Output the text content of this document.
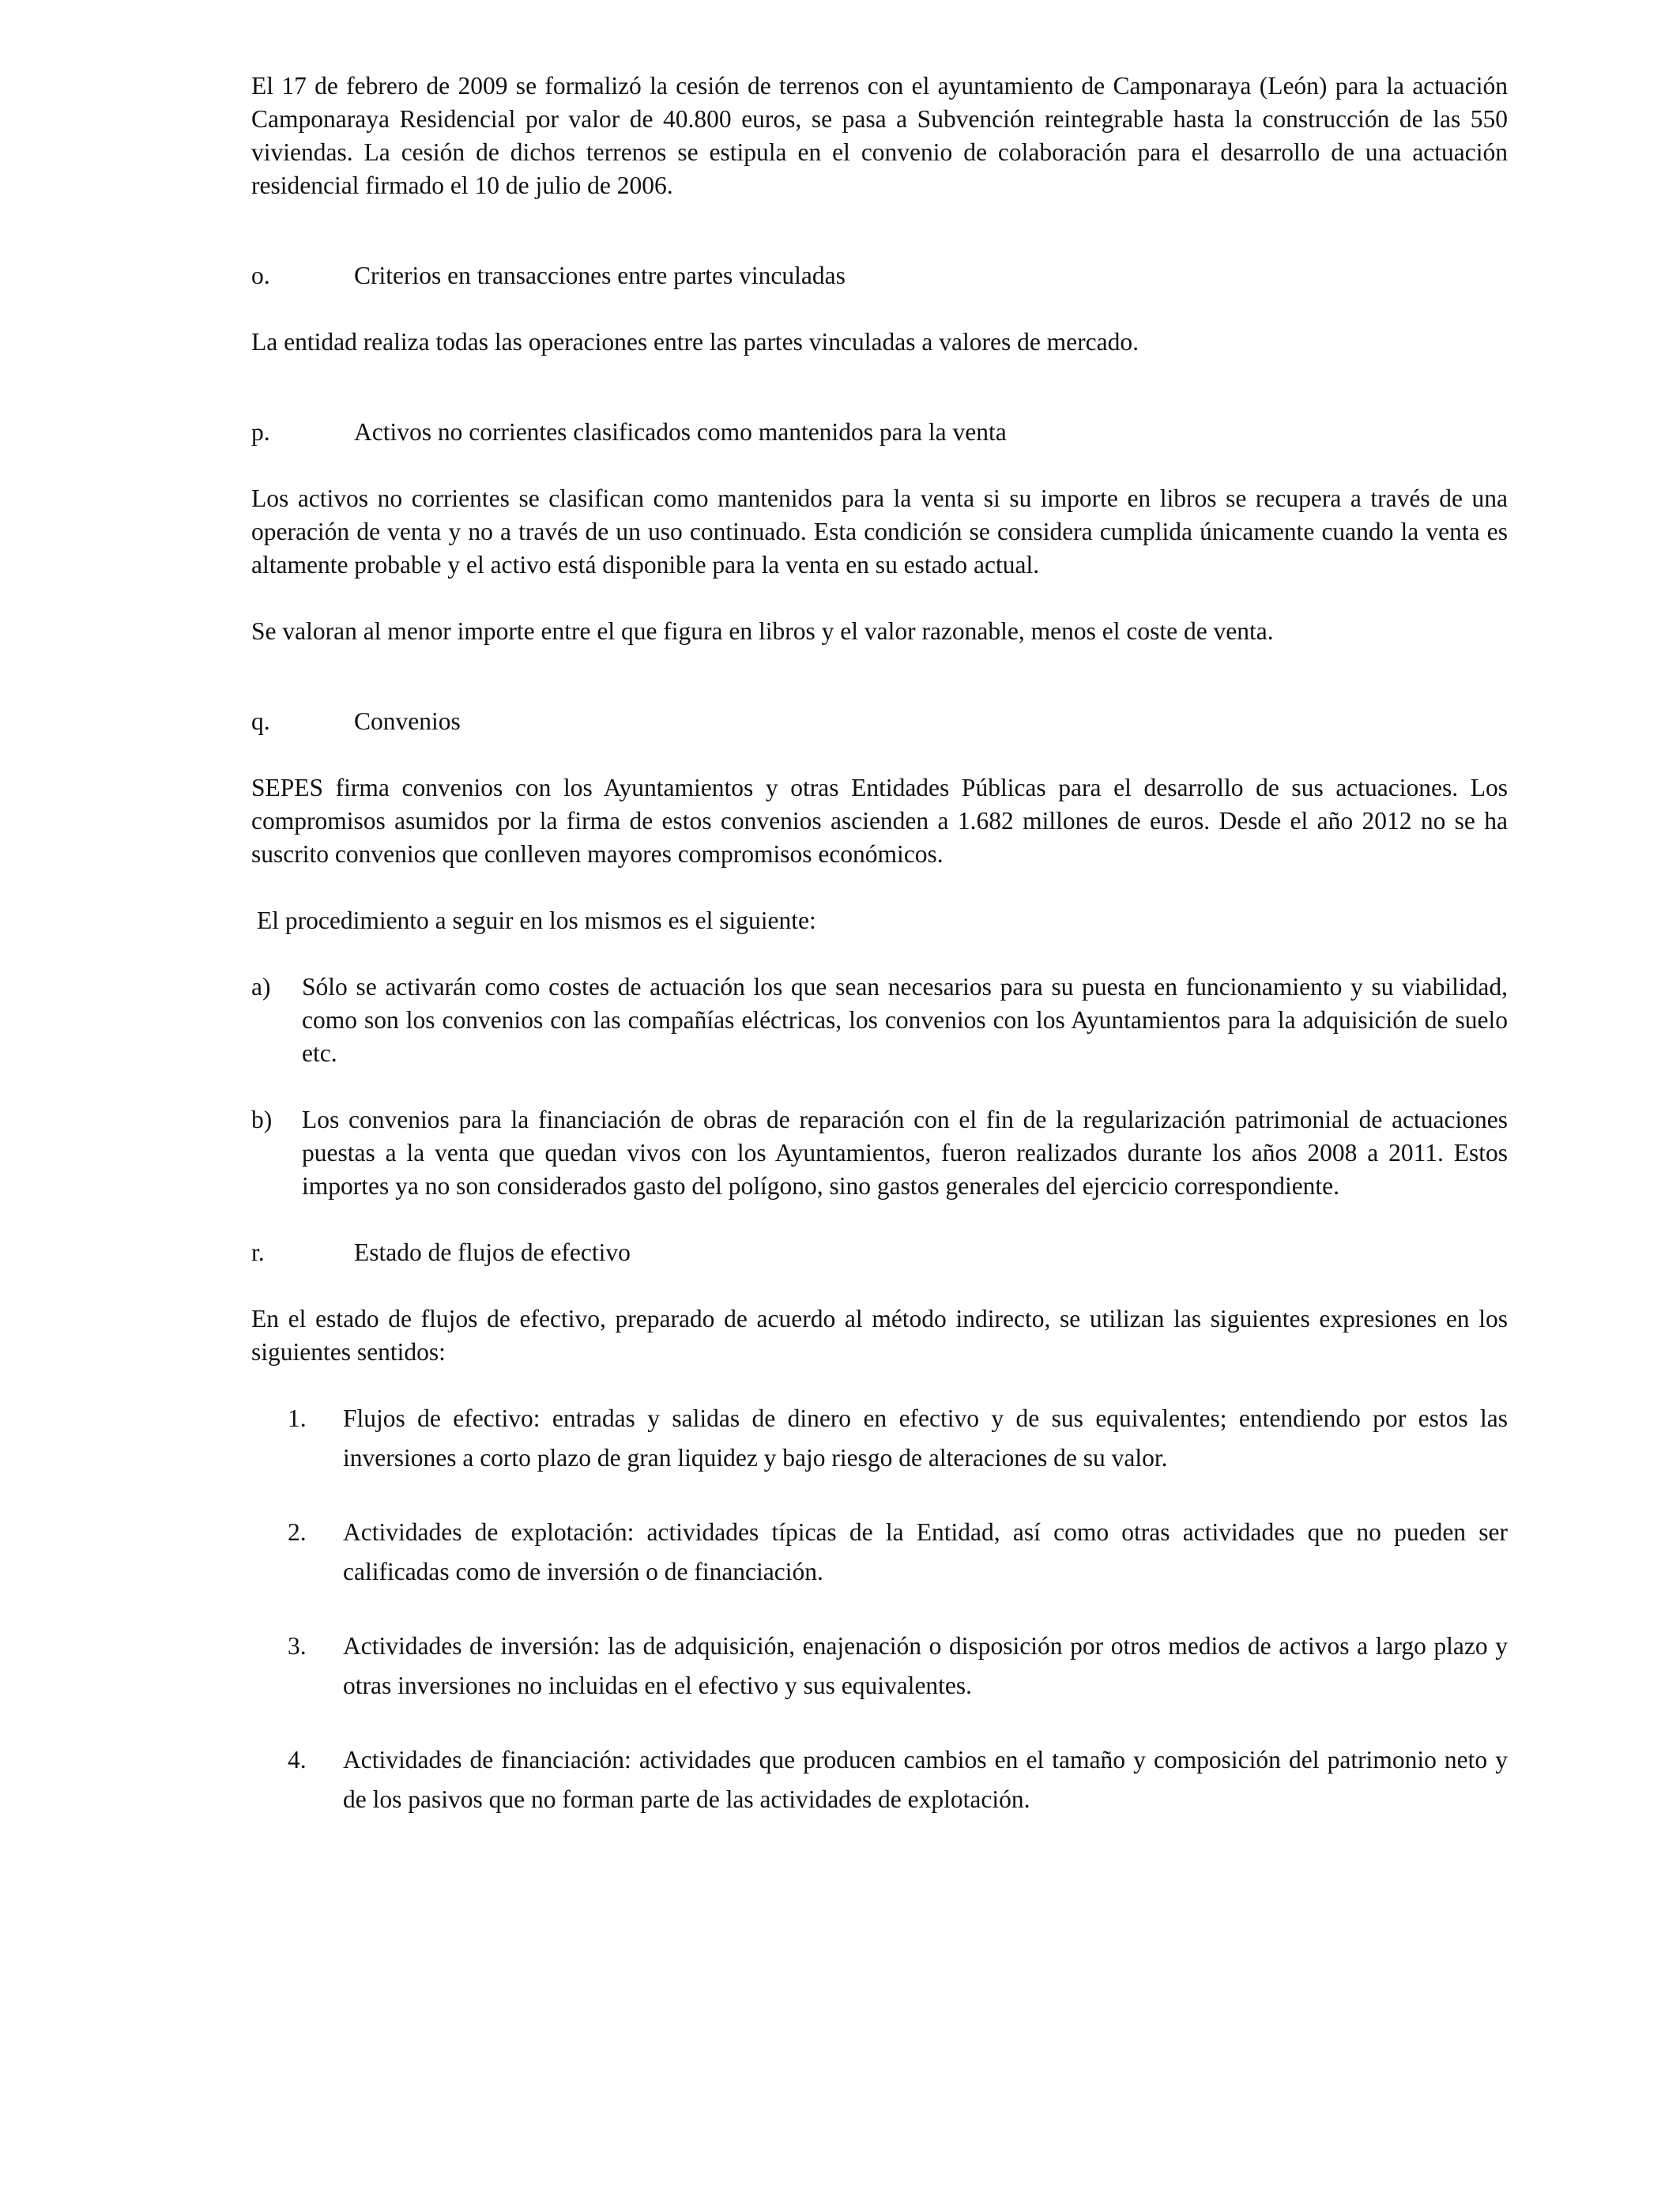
El 17 de febrero de 2009 se formalizó la cesión de terrenos con el ayuntamiento de Camponaraya (León) para la actuación Camponaraya Residencial por valor de 40.800 euros, se pasa a Subvención reintegrable hasta la construcción de las 550 viviendas. La cesión de dichos terrenos se estipula en el convenio de colaboración para el desarrollo de una actuación residencial firmado el 10 de julio de 2006.

o.	Criterios en transacciones entre partes vinculadas

La entidad realiza todas las operaciones entre las partes vinculadas a valores de mercado.

p.	Activos no corrientes clasificados como mantenidos para la venta

Los activos no corrientes se clasifican como mantenidos para la venta si su importe en libros se recupera a través de una operación de venta y no a través de un uso continuado. Esta condición se considera cumplida únicamente cuando la venta es altamente probable y el activo está disponible para la venta en su estado actual.

Se valoran al menor importe entre el que figura en libros y el valor razonable, menos el coste de venta.

q.	Convenios

SEPES firma convenios con los Ayuntamientos y otras Entidades Públicas para el desarrollo de sus actuaciones. Los compromisos asumidos por la firma de estos convenios ascienden a 1.682 millones de euros. Desde el año 2012 no se ha suscrito convenios que conlleven mayores compromisos económicos.

El procedimiento a seguir en los mismos es el siguiente:

a)	Sólo se activarán como costes de actuación los que sean necesarios para su puesta en funcionamiento y su viabilidad, como son los convenios con las compañías eléctricas, los convenios con los Ayuntamientos para la adquisición de suelo etc.
b)	Los convenios para la financiación de obras de reparación con el fin de la regularización patrimonial de actuaciones puestas a la venta que quedan vivos con los Ayuntamientos, fueron realizados durante los años 2008 a 2011. Estos importes ya no son considerados gasto del polígono, sino gastos generales del ejercicio correspondiente.
r.	Estado de flujos de efectivo

En el estado de flujos de efectivo, preparado de acuerdo al método indirecto, se utilizan las siguientes expresiones en los siguientes sentidos:

1.	Flujos de efectivo: entradas y salidas de dinero en efectivo y de sus equivalentes; entendiendo por estos las inversiones a corto plazo de gran liquidez y bajo riesgo de alteraciones de su valor.
2.	Actividades de explotación: actividades típicas de la Entidad, así como otras actividades que no pueden ser calificadas como de inversión o de financiación.
3.	Actividades de inversión: las de adquisición, enajenación o disposición por otros medios de activos a largo plazo y otras inversiones no incluidas en el efectivo y sus equivalentes.
4.	Actividades de financiación: actividades que producen cambios en el tamaño y composición del patrimonio neto y de los pasivos que no forman parte de las actividades de explotación.
